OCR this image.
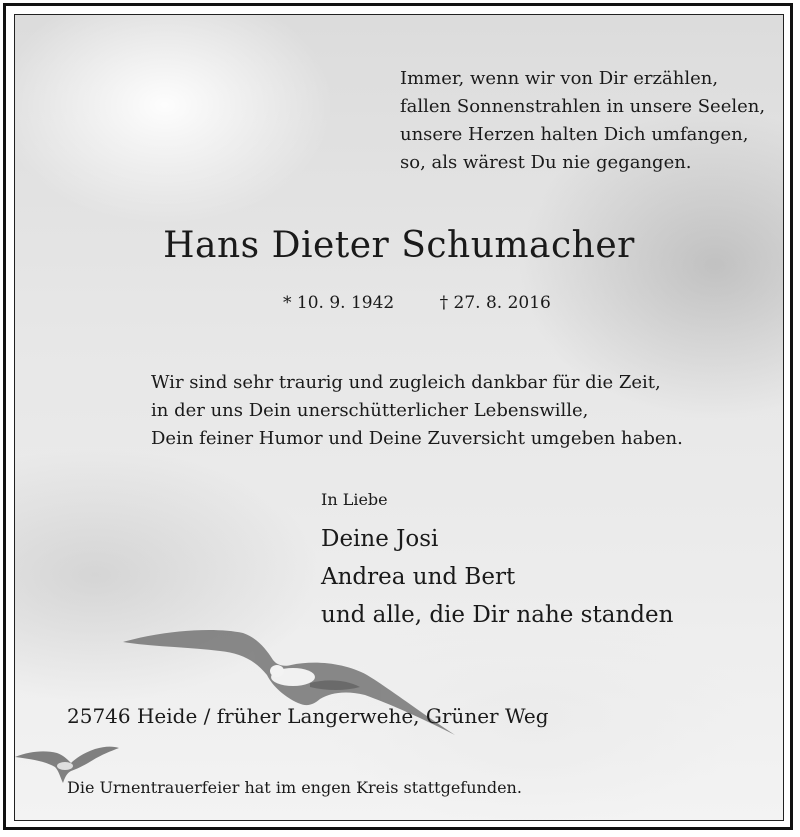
Immer, wenn wir von Dir erzählen,
fallen Sonnenstrahlen in unsere Seelen,
unsere Herzen halten Dich umfangen,
so, als wärest Du nie gegangen.
Hans Dieter Schumacher
* 10. 9. 1942	† 27. 8. 2016
Wir sind sehr traurig und zugleich dankbar für die Zeit,
in der uns Dein unerschütterlicher Lebenswille,
Dein feiner Humor und Deine Zuversicht umgeben haben.
In Liebe
Deine Josi
Andrea und Bert
und alle, die Dir nahe standen
25746 Heide / früher Langerwehe, Grüner Weg
Die Urnentrauerfeier hat im engen Kreis stattgefunden.
